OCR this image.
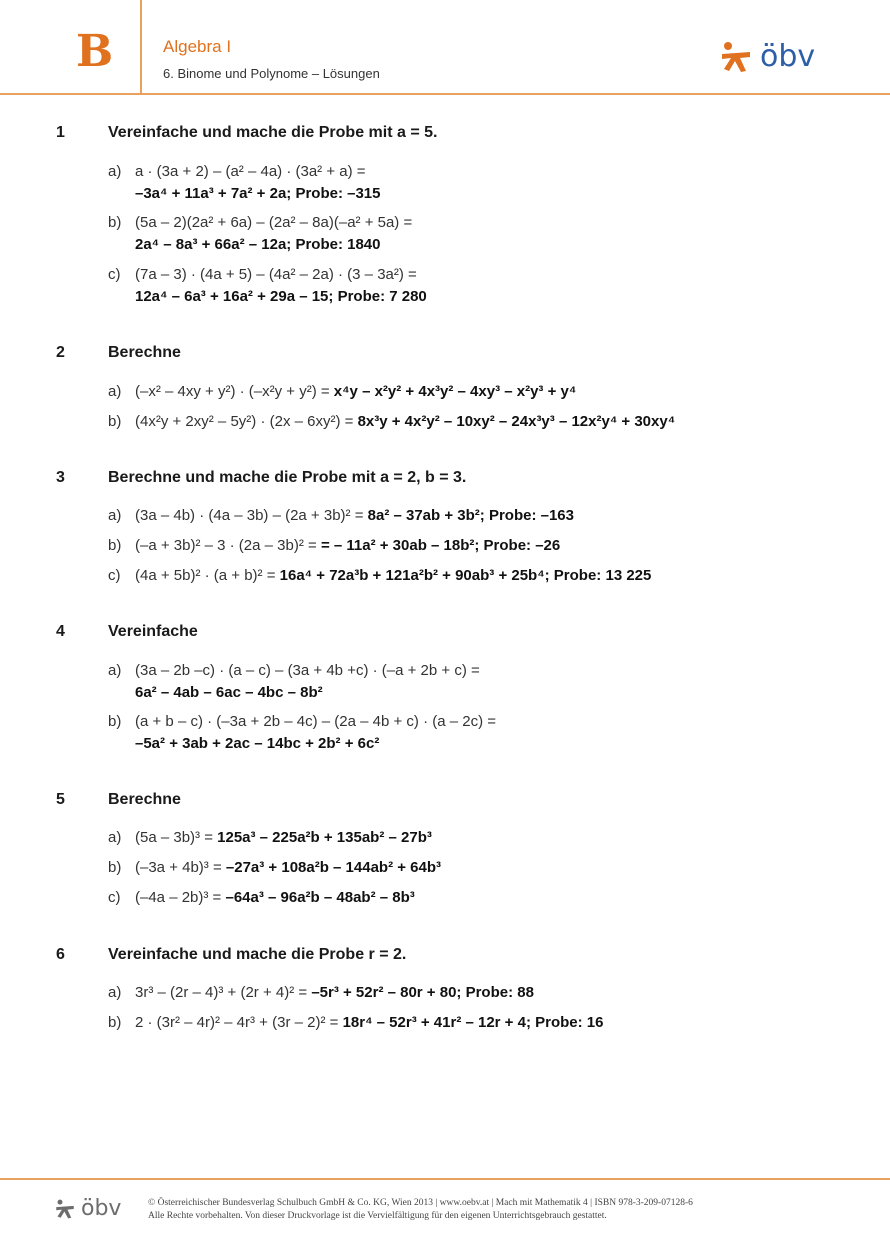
B	Algebra I
6. Binome und Polynome – Lösungen	öbv
1	Vereinfache und mache die Probe mit a = 5.
a) a · (3a + 2) – (a² – 4a) · (3a² + a) =
–3a⁴ + 11a³ + 7a² + 2a; Probe: –315
b) (5a – 2)(2a² + 6a) – (2a² – 8a)(–a² + 5a) =
2a⁴ – 8a³ + 66a² – 12a; Probe: 1840
c) (7a – 3) · (4a + 5) – (4a² – 2a) · (3 – 3a²) =
12a⁴ – 6a³ + 16a² + 29a – 15; Probe: 7 280
2	Berechne
a) (–x² – 4xy + y²) · (–x²y + y²) = x⁴y – x²y² + 4x³y² – 4xy³ – x²y³ + y⁴
b) (4x²y + 2xy² – 5y²) · (2x – 6xy²) = 8x³y + 4x²y² – 10xy² – 24x³y³ – 12x²y⁴ + 30xy⁴
3	Berechne und mache die Probe mit a = 2, b = 3.
a) (3a – 4b) · (4a – 3b) – (2a + 3b)² = 8a² – 37ab + 3b²; Probe: –163
b) (–a + 3b)² – 3 · (2a – 3b)² = = – 11a² + 30ab – 18b²; Probe: –26
c) (4a + 5b)² · (a + b)² = 16a⁴ + 72a³b + 121a²b² + 90ab³ + 25b⁴; Probe: 13 225
4	Vereinfache
a) (3a – 2b –c) · (a – c) – (3a + 4b +c) · (–a + 2b + c) =
6a² – 4ab – 6ac – 4bc – 8b²
b) (a + b – c) · (–3a + 2b – 4c) – (2a – 4b + c) · (a – 2c) =
–5a² + 3ab + 2ac – 14bc + 2b² + 6c²
5	Berechne
a) (5a – 3b)³ = 125a³ – 225a²b + 135ab² – 27b³
b) (–3a + 4b)³ = –27a³ + 108a²b – 144ab² + 64b³
c) (–4a – 2b)³ = –64a³ – 96a²b – 48ab² – 8b³
6	Vereinfache und mache die Probe r = 2.
a) 3r³ – (2r – 4)³ + (2r + 4)² = –5r³ + 52r² – 80r + 80; Probe: 88
b) 2 · (3r² – 4r)² – 4r³ + (3r – 2)² = 18r⁴ – 52r³ + 41r² – 12r + 4; Probe: 16
öbv	© Österreichischer Bundesverlag Schulbuch GmbH & Co. KG, Wien 2013 | www.oebv.at | Mach mit Mathematik 4 | ISBN 978-3-209-07128-6
Alle Rechte vorbehalten. Von dieser Druckvorlage ist die Vervielfältigung für den eigenen Unterrichtsgebrauch gestattet.
